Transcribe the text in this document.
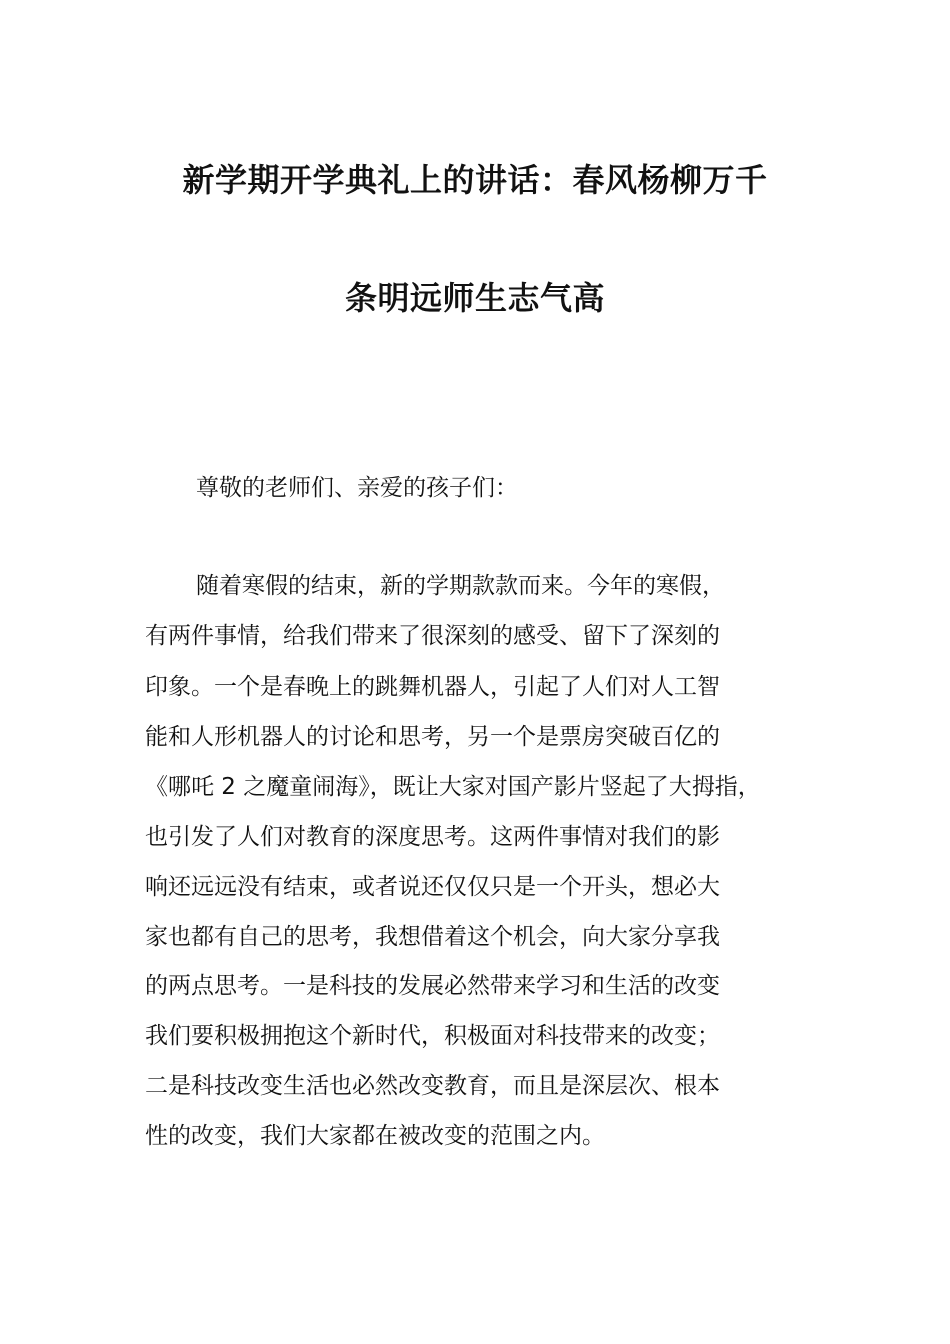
新学期开学典礼上的讲话：春风杨柳万千
条明远师生志气高
尊敬的老师们、亲爱的孩子们：
随着寒假的结束，新的学期款款而来。今年的寒假，
有两件事情，给我们带来了很深刻的感受、留下了深刻的
印象。一个是春晚上的跳舞机器人，引起了人们对人工智
能和人形机器人的讨论和思考，另一个是票房突破百亿的
《哪吒 2 之魔童闹海》，既让大家对国产影片竖起了大拇指，
也引发了人们对教育的深度思考。这两件事情对我们的影
响还远远没有结束，或者说还仅仅只是一个开头，想必大
家也都有自己的思考，我想借着这个机会，向大家分享我
的两点思考。一是科技的发展必然带来学习和生活的改变
我们要积极拥抱这个新时代，积极面对科技带来的改变；
二是科技改变生活也必然改变教育，而且是深层次、根本
性的改变，我们大家都在被改变的范围之内。
